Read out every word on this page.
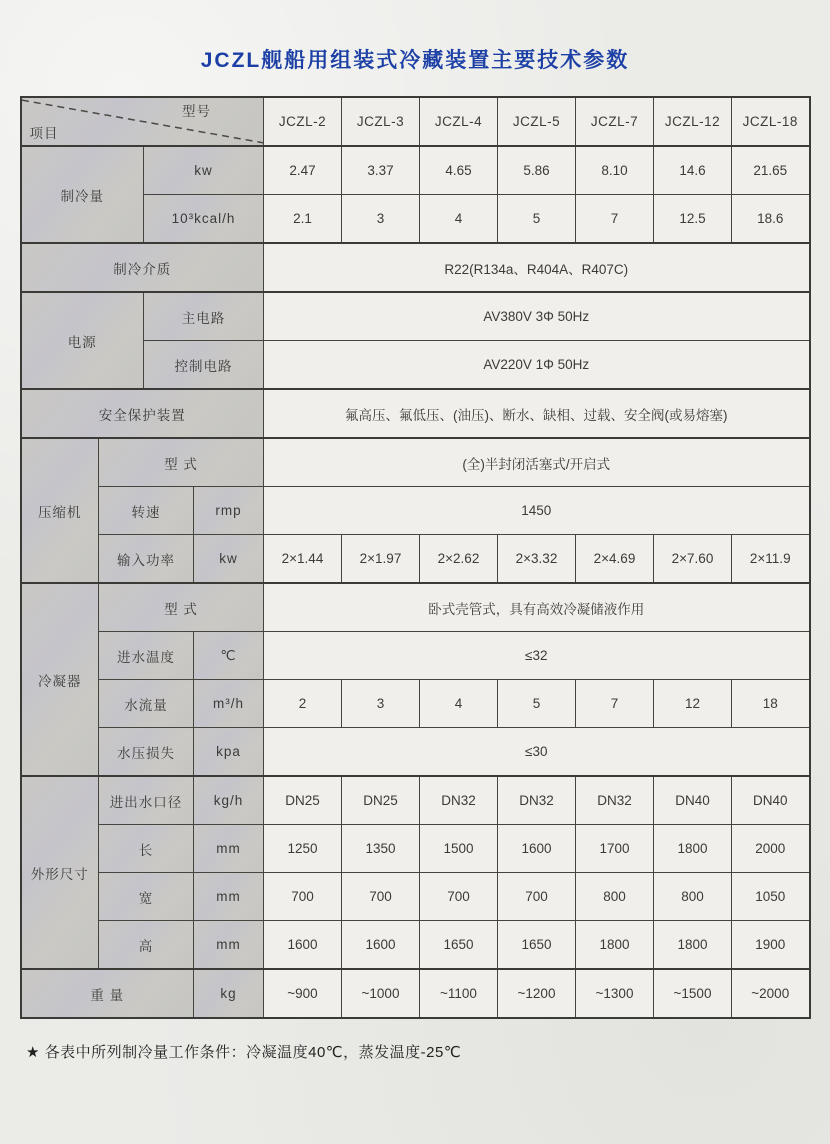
JCZL舰船用组装式冷藏装置主要技术参数
型号
项目				JCZL-2	JCZL-3	JCZL-4	JCZL-5	JCZL-7	JCZL-12	JCZL-18
制冷量		kw		2.47	3.37	4.65	5.86	8.10	14.6	21.65
		10³kcal/h		2.1	3	4	5	7	12.5	18.6
制冷介质				R22(R134a、R404A、R407C)						
电源		主电路		AV380V 3Φ 50Hz						
		控制电路		AV220V 1Φ 50Hz						
安全保护装置				氟高压、氟低压、(油压)、断水、缺相、过载、安全阀(或易熔塞)						
压缩机	型 式			(全)半封闭活塞式/开启式						
	转速		rmp	1450						
	输入功率		kw	2×1.44	2×1.97	2×2.62	2×3.32	2×4.69	2×7.60	2×11.9
冷凝器	型 式			卧式壳管式，具有高效冷凝储液作用						
	进水温度		℃	≤32						
	水流量		m³/h	2	3	4	5	7	12	18
	水压损失		kpa	≤30						
外形尺寸	进出水口径		kg/h	DN25	DN25	DN32	DN32	DN32	DN40	DN40
	长		mm	1250	1350	1500	1600	1700	1800	2000
	宽		mm	700	700	700	700	800	800	1050
	高		mm	1600	1600	1650	1650	1800	1800	1900
重 量			kg	~900	~1000	~1100	~1200	~1300	~1500	~2000
★ 各表中所列制冷量工作条件：冷凝温度40℃，蒸发温度-25℃
